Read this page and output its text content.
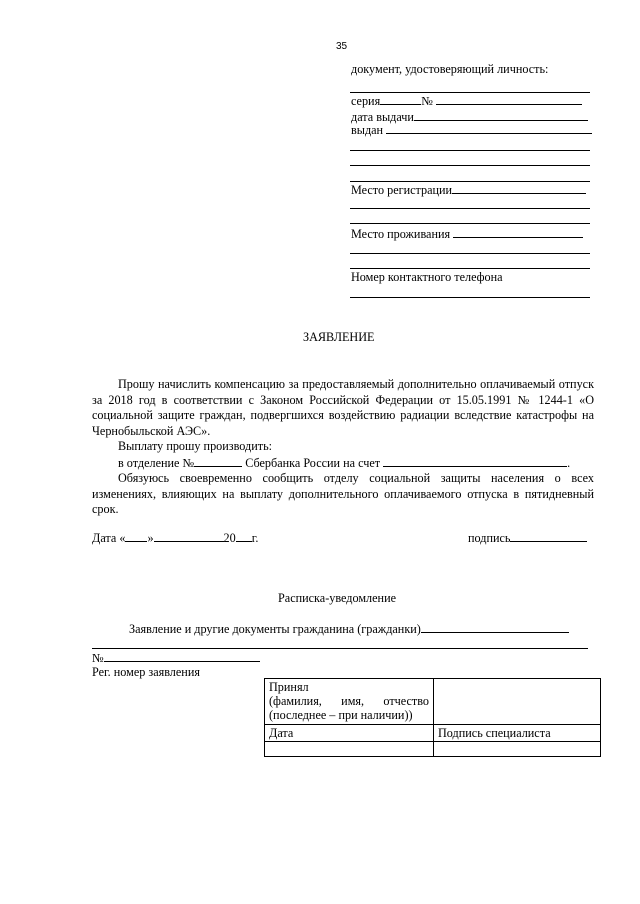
35
документ, удостоверяющий личность:
серия	№
дата выдачи
выдан
Место регистрации
Место проживания
Номер контактного телефона
ЗАЯВЛЕНИЕ

Прошу начислить компенсацию за предоставляемый дополнительно оплачиваемый отпуск за 2018 год в соответствии с Законом Российской Федерации от 15.05.1991 № 1244-1 «О социальной защите граждан, подвергшихся воздействию радиации вследствие катастрофы на Чернобыльской АЭС».

Выплату прошу производить:

в отделение №	Сбербанка России на счет	.

Обязуюсь своевременно сообщить отделу социальной защиты населения о всех изменениях, влияющих на выплату дополнительного оплачиваемого отпуска в пятидневный срок.

Дата « »	20 г.	подпись
Расписка-уведомление
Заявление и другие документы гражданина (гражданки)
№
Рег. номер заявления
Принял
(фамилия, имя, отчество
(последнее – при наличии))	

Дата	Подпись специалиста
